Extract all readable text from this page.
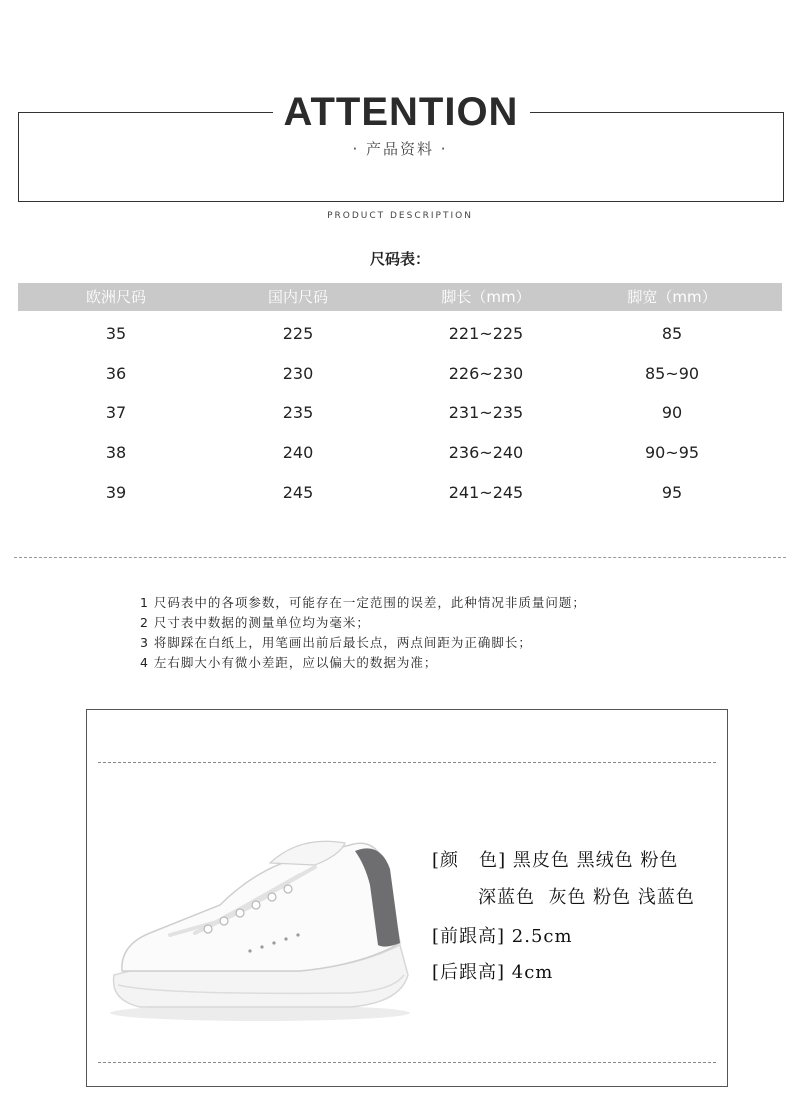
ATTENTION
· 产品资料 ·
PRODUCT DESCRIPTION
尺码表：
欧洲尺码	国内尺码	脚长（mm）	脚宽（mm）
35	225	221~225	85
36	230	226~230	85~90
37	235	231~235	90
38	240	236~240	90~95
39	245	241~245	95
1 尺码表中的各项参数，可能存在一定范围的误差，此种情况非质量问题；
2 尺寸表中数据的测量单位均为毫米；
3 将脚踩在白纸上，用笔画出前后最长点，两点间距为正确脚长；
4 左右脚大小有微小差距，应以偏大的数据为准；
[颜   色] 黑皮色 黑绒色 粉色
深蓝色  灰色 粉色 浅蓝色
[前跟高] 2.5cm
[后跟高] 4cm
